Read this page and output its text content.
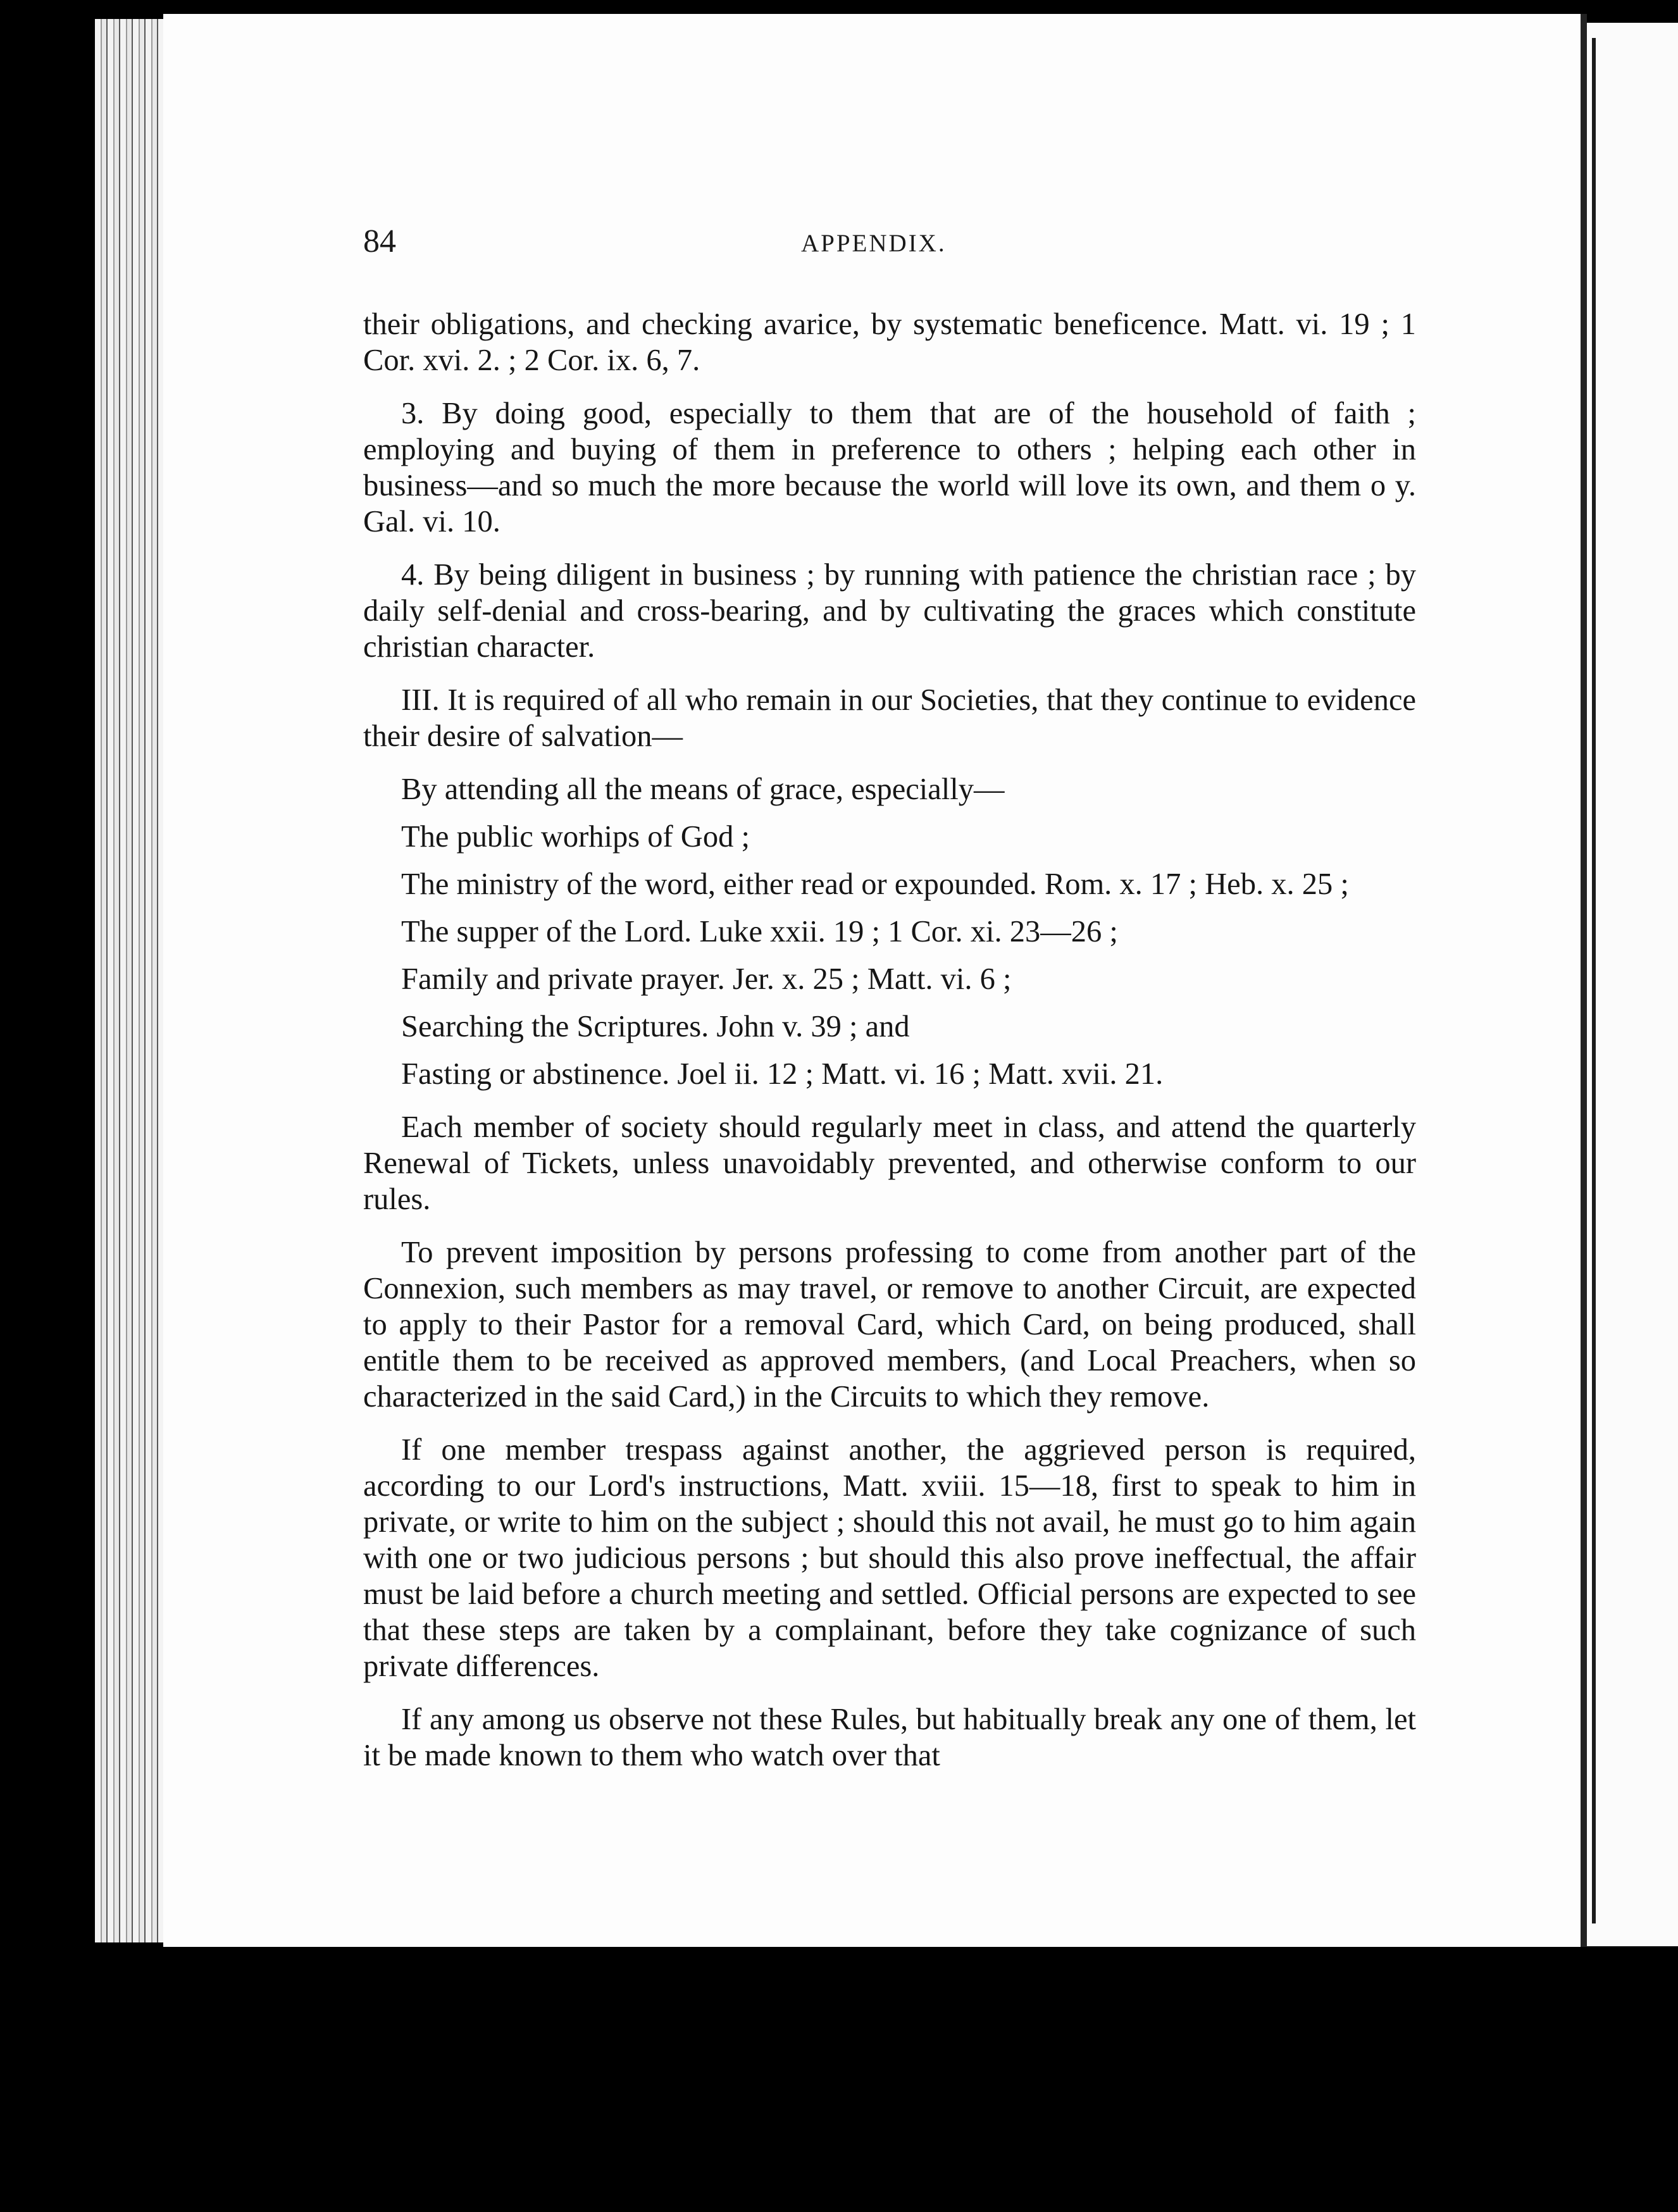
84	APPENDIX.

their obligations, and checking avarice, by systematic beneficence. Matt. vi. 19 ; 1 Cor. xvi. 2. ; 2 Cor. ix. 6, 7.

3. By doing good, especially to them that are of the household of faith ; employing and buying of them in preference to others ; helping each other in business—and so much the more because the world will love its own, and them o y. Gal. vi. 10.

4. By being diligent in business ; by running with patience the christian race ; by daily self-denial and cross-bearing, and by cultivating the graces which constitute christian character.

III. It is required of all who remain in our Societies, that they continue to evidence their desire of salvation—

By attending all the means of grace, especially—

The public worhips of God ;

The ministry of the word, either read or expounded. Rom. x. 17 ; Heb. x. 25 ;

The supper of the Lord. Luke xxii. 19 ; 1 Cor. xi. 23—26 ;

Family and private prayer. Jer. x. 25 ; Matt. vi. 6 ;

Searching the Scriptures. John v. 39 ; and

Fasting or abstinence. Joel ii. 12 ; Matt. vi. 16 ; Matt. xvii. 21.

Each member of society should regularly meet in class, and attend the quarterly Renewal of Tickets, unless unavoidably prevented, and otherwise conform to our rules.

To prevent imposition by persons professing to come from another part of the Connexion, such members as may travel, or remove to another Circuit, are expected to apply to their Pastor for a removal Card, which Card, on being produced, shall entitle them to be received as approved members, (and Local Preachers, when so characterized in the said Card,) in the Circuits to which they remove.

If one member trespass against another, the aggrieved person is required, according to our Lord's instructions, Matt. xviii. 15—18, first to speak to him in private, or write to him on the subject ; should this not avail, he must go to him again with one or two judicious persons ; but should this also prove ineffectual, the affair must be laid before a church meeting and settled. Official persons are expected to see that these steps are taken by a complainant, before they take cognizance of such private differences.

If any among us observe not these Rules, but habitually break any one of them, let it be made known to them who watch over that
